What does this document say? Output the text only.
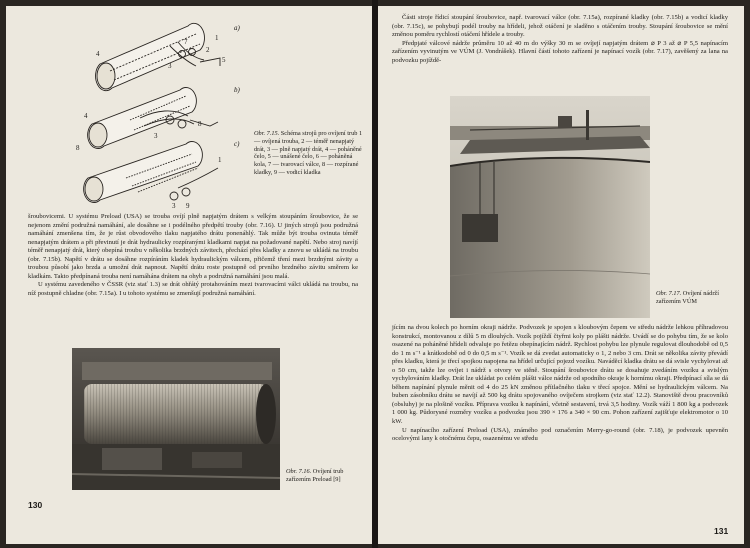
a)
b)
c)
4	2
1
5
7
3
4
8
3
8
1
9
3
Obr. 7.15. Schéma strojů pro ovíjení trub 1 — ovíjená trouba, 2 — téměř nenapjatý drát, 3 — plně napjatý drát, 4 — poháněné čelo, 5 — unášené čelo, 6 — poháněná kola, 7 — tvarovací válce, 8 — rozpírané kladky, 9 — vodicí kladka

šroubovicemi. U systému Preload (USA) se trouba ovíjí plně napjatým drátem s velkým stoupáním šroubovice, že se nejenom změní podružná namáhání, ale dosáhne se i podélného předpětí trouby (obr. 7.16). U jiných strojů jsou podružná namáhání zmenšena tím, že je růst obvodového tlaku napjatého drátu ponenáhlý. Tak může být trouba ovinuta téměř nenapjatým drátem a při převinutí je drát hydraulicky rozpíranými kladkami napjat na požadované napětí. Nebo stroj navíjí téměř nenapjatý drát, který obepíná troubu v několika brzdných závitech, přechází přes kladky a znovu se ukládá na troubu (obr. 7.15b). Napětí v drátu se dosáhne rozpíráním kladek hydraulickým válcem, přičemž tření mezi brzdnými závity a troubou působí jako brzda a umožní drát napnout. Napětí drátu roste postupně od prvního brzdného závitu směrem ke kladkám. Takto předpínaná trouba není namáhána drátem na ohyb a podružná namáhání jsou malá.

U systému zavedeného v ČSSR (viz stať 1.3) se drát ohřátý protahováním mezi tvarovacími válci ukládá na troubu, na níž postupně chladne (obr. 7.15a). I u tohoto systému se zmenšují podružná namáhání.

Obr. 7.16. Ovíjení trub zařízením Preload [9]
130

Části stroje řídicí stoupání šroubovice, např. tvarovací válce (obr. 7.15a), rozpírané kladky (obr. 7.15b) a vodicí kladky (obr. 7.15c), se pohybují podél trouby na hřídeli, jehož otáčení je sladěno s otáčením trouby. Stoupání šroubovice se mění změnou poměru rychlostí otáčení hřídele a trouby.

Předpjaté válcové nádrže průměru 10 až 40 m do výšky 30 m se ovíjejí napjatým drátem ⌀ P 3 až ⌀ P 5,5 napínacím zařízením vyvinutým ve VÚM (J. Vondrášek). Hlavní částí tohoto zařízení je napínací vozík (obr. 7.17), zavěšený za lana na podvozku pojíždě-

Obr. 7.17. Ovíjení nádrží zařízením VÚM

jícím na dvou kolech po horním okraji nádrže. Podvozek je spojen s kloubovým čepem ve středu nádrže lehkou příhradovou konstrukcí, montovanou z dílů 5 m dlouhých. Vozík pojíždí čtyřmi koly po plášti nádrže. Uvádí se do pohybu tím, že se kolo osazené na poháněné hřídeli odvaluje po řetězu obepínajícím nádrž. Rychlost pohybu lze plynule regulovat dlouhodobě od 0,5 do 1 m s⁻¹ a krátkodobě od 0 do 0,5 m s⁻¹. Vozík se dá zvedat automaticky o 1, 2 nebo 3 cm. Drát se několika závity převádí přes kladku, která je třecí spojkou napojena na hřídel určující pojezd vozíku. Naváděcí kladka drátu se dá svisle vychylovat až o 50 cm, takže lze ovíjet i nádrž s otvory ve stěně. Stoupání šroubovice drátu se dosahuje zvedáním vozíku a svislým vychylováním kladky. Drát lze ukládat po celém plášti válce nádrže od spodního okraje k hornímu okraji. Předpínací síla se dá během napínání plynule měnit od 4 do 25 kN změnou přítlačného tlaku v třecí spojce. Mění se hydraulickým válcem. Na buben zásobníku drátu se navíjí až 500 kg drátu spojovaného ovíječem strojkem (viz stať 12.2). Stanoviště dvou pracovníků (obsluhy) je na plošině vozíku. Příprava vozíku k napínání, včetně sestavení, trvá 3,5 hodiny. Vozík váží 1 800 kg a podvozek 1 000 kg. Půdorysné rozměry vozíku a podvozku jsou 390 × 176 a 340 × 90 cm. Pohon zařízení zajišťuje elektromotor o 10 kW.

U napínacího zařízení Preload (USA), známého pod označením Merry-go-round (obr. 7.18), je podvozek upevněn ocelovými lany k otočnému čepu, osazenému ve středu

131
